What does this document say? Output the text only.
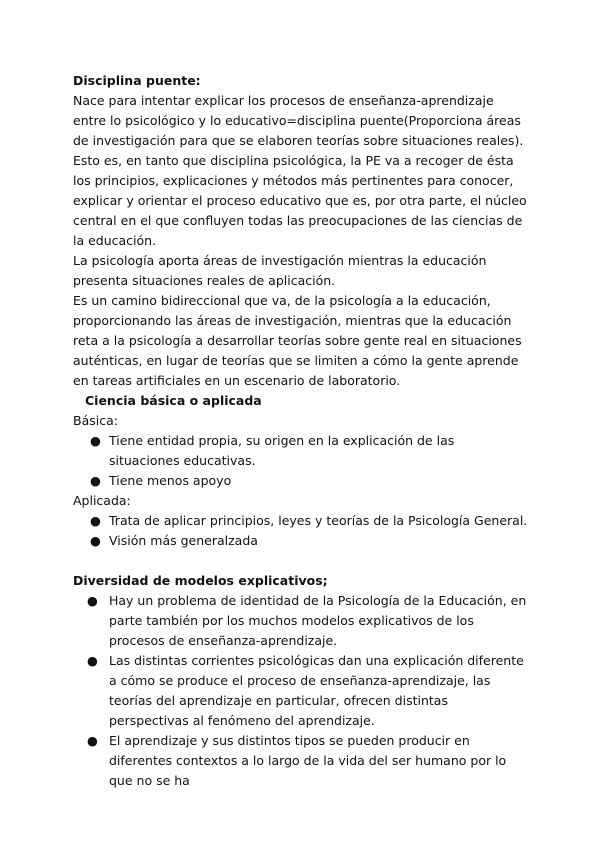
Disciplina puente:

Nace para intentar explicar los procesos de enseñanza-aprendizaje entre lo psicológico y lo educativo=disciplina puente(Proporciona áreas de investigación para que se elaboren teorías sobre situaciones reales). Esto es, en tanto que disciplina psicológica, la PE va a recoger de ésta los principios, explicaciones y métodos más pertinentes para conocer, explicar y orientar el proceso educativo que es, por otra parte, el núcleo central en el que confluyen todas las preocupaciones de las ciencias de la educación.

La psicología aporta áreas de investigación mientras la educación presenta situaciones reales de aplicación.

Es un camino bidireccional que va, de la psicología a la educación, proporcionando las áreas de investigación, mientras que la educación reta a la psicología a desarrollar teorías sobre gente real en situaciones auténticas, en lugar de teorías que se limiten a cómo la gente aprende en tareas artificiales en un escenario de laboratorio.

Ciencia básica o aplicada

Básica:

● Tiene entidad propia, su origen en la explicación de las situaciones educativas.
● Tiene menos apoyo

Aplicada:

● Trata de aplicar principios, leyes y teorías de la Psicología General.
● Visión más generalzada

Diversidad de modelos explicativos;

● Hay un problema de identidad de la Psicología de la Educación, en parte también por los muchos modelos explicativos de los procesos de enseñanza-aprendizaje.
● Las distintas corrientes psicológicas dan una explicación diferente a cómo se produce el proceso de enseñanza-aprendizaje, las teorías del aprendizaje en particular, ofrecen distintas perspectivas al fenómeno del aprendizaje.
● El aprendizaje y sus distintos tipos se pueden producir en diferentes contextos a lo largo de la vida del ser humano por lo que no se ha
